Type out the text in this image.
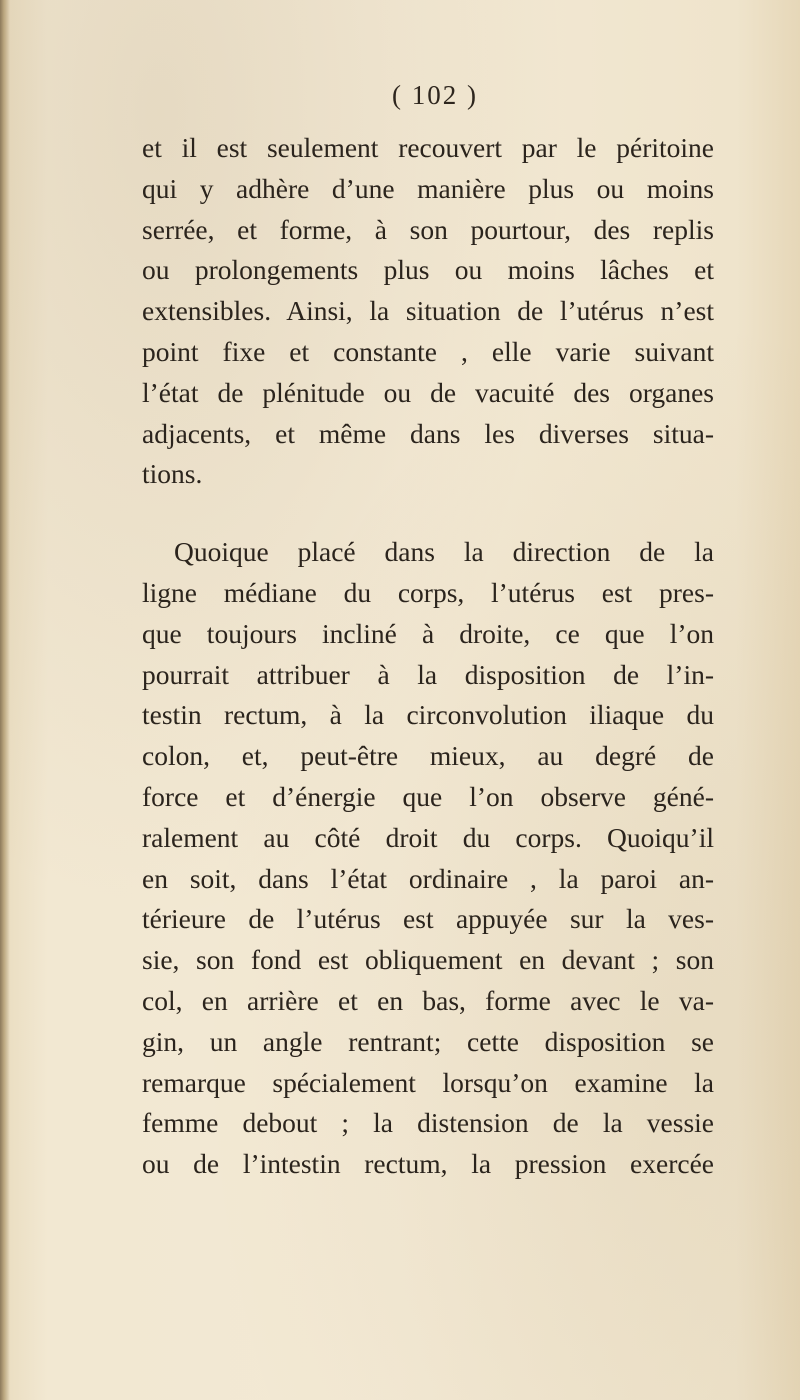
( 102 )
et il est seulement recouvert par le péritoine
qui y adhère d’une manière plus ou moins
serrée, et forme, à son pourtour, des replis
ou prolongements plus ou moins lâches et
extensibles. Ainsi, la situation de l’utérus n’est
point fixe et constante , elle varie suivant
l’état de plénitude ou de vacuité des organes
adjacents, et même dans les diverses situa-
tions.
Quoique placé dans la direction de la
ligne médiane du corps, l’utérus est pres-
que toujours incliné à droite, ce que l’on
pourrait attribuer à la disposition de l’in-
testin rectum, à la circonvolution iliaque du
colon, et, peut-être mieux, au degré de
force et d’énergie que l’on observe géné-
ralement au côté droit du corps. Quoiqu’il
en soit, dans l’état ordinaire , la paroi an-
térieure de l’utérus est appuyée sur la ves-
sie, son fond est obliquement en devant ; son
col, en arrière et en bas, forme avec le va-
gin, un angle rentrant; cette disposition se
remarque spécialement lorsqu’on examine la
femme debout ; la distension de la vessie
ou de l’intestin rectum, la pression exercée
